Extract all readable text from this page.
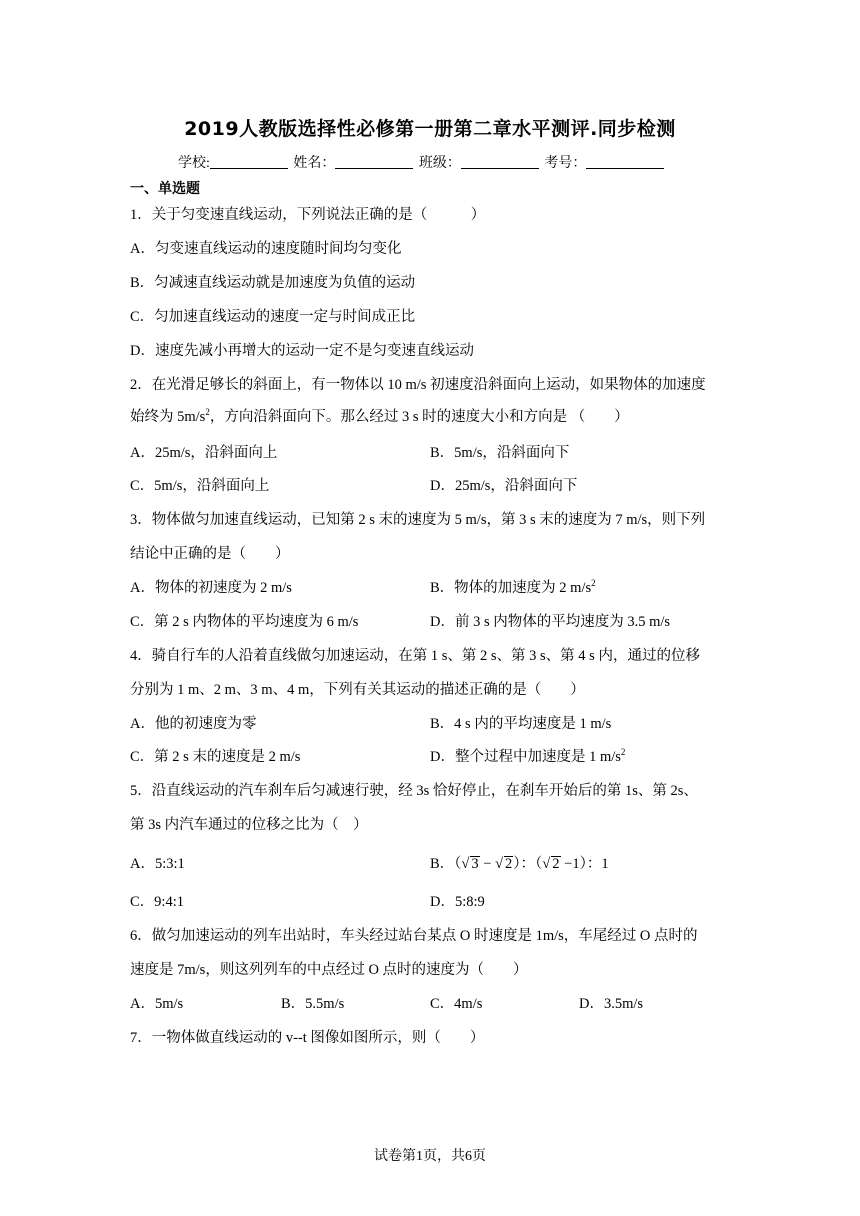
2019人教版选择性必修第一册第二章水平测评.同步检测
学校:	姓名：	班级：	考号：
一、单选题
1．关于匀变速直线运动，下列说法正确的是（　　　）
A．匀变速直线运动的速度随时间均匀变化
B．匀减速直线运动就是加速度为负值的运动
C．匀加速直线运动的速度一定与时间成正比
D．速度先减小再增大的运动一定不是匀变速直线运动
2．在光滑足够长的斜面上，有一物体以 10 m/s 初速度沿斜面向上运动，如果物体的加速度
始终为 $5m/s^2$，方向沿斜面向下。那么经过 3 s 时的速度大小和方向是 （　　）
A．25m/s，沿斜面向上	B．5m/s，沿斜面向下
C．5m/s，沿斜面向上	D．25m/s，沿斜面向下
3．物体做匀加速直线运动，已知第 2 s 末的速度为 5 m/s，第 3 s 末的速度为 7 m/s，则下列
结论中正确的是（　　）
A．物体的初速度为 2 m/s	B．物体的加速度为 2 $m/s^2$
C．第 2 s 内物体的平均速度为 6 m/s	D．前 3 s 内物体的平均速度为 3.5 m/s
4．骑自行车的人沿着直线做匀加速运动，在第 1 s、第 2 s、第 3 s、第 4 s 内，通过的位移
分别为 1 m、2 m、3 m、4 m，下列有关其运动的描述正确的是（　　）
A．他的初速度为零	B．4 s 内的平均速度是 1 m/s
C．第 2 s 末的速度是 2 m/s	D．整个过程中加速度是 1 $m/s^2$
5．沿直线运动的汽车刹车后匀减速行驶，经 3s 恰好停止，在刹车开始后的第 1s、第 2s、
第 3s 内汽车通过的位移之比为（　）
A．5:3:1	B．（√ 3 − √ 2）：（√ 2 −1）：1
C．9:4:1	D．5:8:9
6．做匀加速运动的列车出站时，车头经过站台某点 O 时速度是 1m/s，车尾经过 O 点时的
速度是 7m/s，则这列列车的中点经过 O 点时的速度为（　　）
A．5m/s	B．5.5m/s	C．4m/s	D．3.5m/s
7．一物体做直线运动的 v--t 图像如图所示，则（　　）
试卷第1页，共6页
